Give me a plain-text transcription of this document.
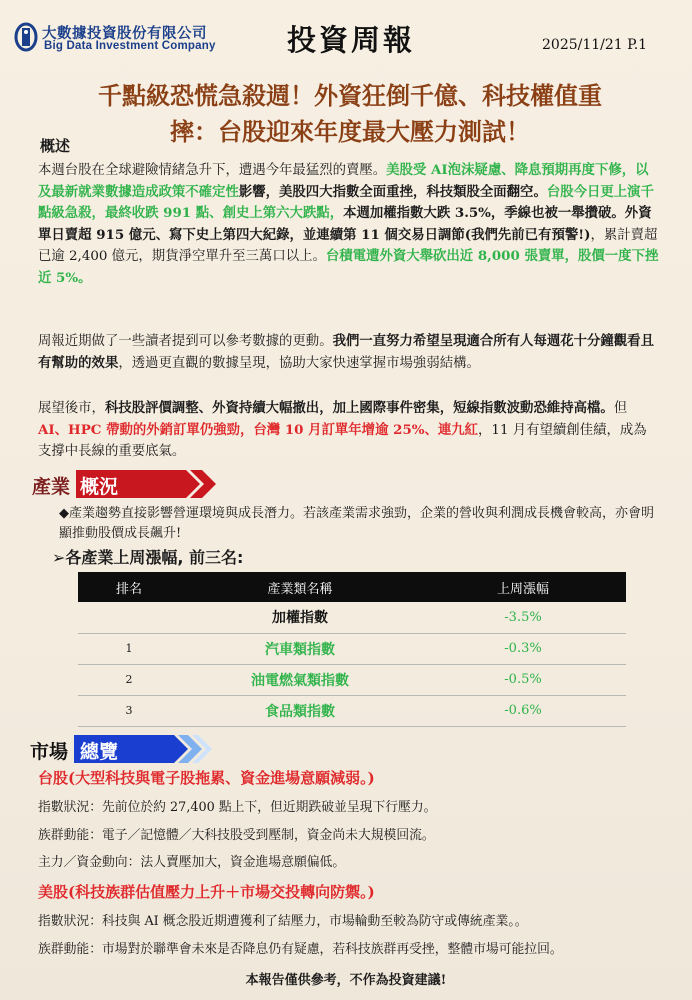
大數據投資股份有限公司
Big Data Investment Company 投資周報	2025/11/21 P.1
千點級恐慌急殺週！外資狂倒千億、科技權值重
摔：台股迎來年度最大壓力測試！
概述
本週台股在全球避險情緒急升下，遭遇今年最猛烈的賣壓。美股受 AI泡沫疑慮、降息預期再度下修，以及最新就業數據造成政策不確定性影響，美股四大指數全面重挫，科技類股全面翻空。台股今日更上演千點級急殺，最終收跌 991 點、創史上第六大跌點，本週加權指數大跌 3.5%，季線也被一舉攢破。外資單日賣超 915 億元、寫下史上第四大紀錄，並連續第 11 個交易日調節(我們先前已有預警!)，累計賣超已逾 2,400 億元，期貨淨空單升至三萬口以上。台積電遭外資大舉砍出近 8,000 張賣單，股價一度下挫近 5%。
周報近期做了一些讀者提到可以參考數據的更動。我們一直努力希望呈現適合所有人每週花十分鐘觀看且有幫助的效果，透過更直觀的數據呈現，協助大家快速掌握市場強弱結構。
展望後市，科技股評價調整、外資持續大幅撤出，加上國際事件密集，短線指數波動恐維持高檔。但 AI、HPC 帶動的外銷訂單仍強勁，台灣 10 月訂單年增逾 25%、連九紅，11 月有望續創佳績，成為支撐中長線的重要底氣。
產業 概況
◆產業趨勢直接影響營運環境與成長潛力。若該產業需求強勁，企業的營收與利潤成長機會較高，亦會明顯推動股價成長飆升!
➢各產業上周漲幅, 前三名:
排名	產業類名稱	上周漲幅
	加權指數	-3.5%
1	汽車類指數	-0.3%
2	油電燃氣類指數	-0.5%
3	食品類指數	-0.6%
市場 總覽
台股(大型科技與電子股拖累、資金進場意願減弱。)
指數狀況：先前位於約 27,400 點上下，但近期跌破並呈現下行壓力。
族群動能：電子／記憶體／大科技股受到壓制，資金尚未大規模回流。
主力／資金動向：法人賣壓加大，資金進場意願偏低。
美股(科技族群估值壓力上升＋市場交投轉向防禦。)
指數狀況：科技與 AI 概念股近期遭獲利了結壓力，市場輪動至較為防守或傳統產業。。
族群動能：市場對於聯準會未來是否降息仍有疑慮，若科技族群再受挫，整體市場可能拉回。
本報告僅供參考，不作為投資建議!
